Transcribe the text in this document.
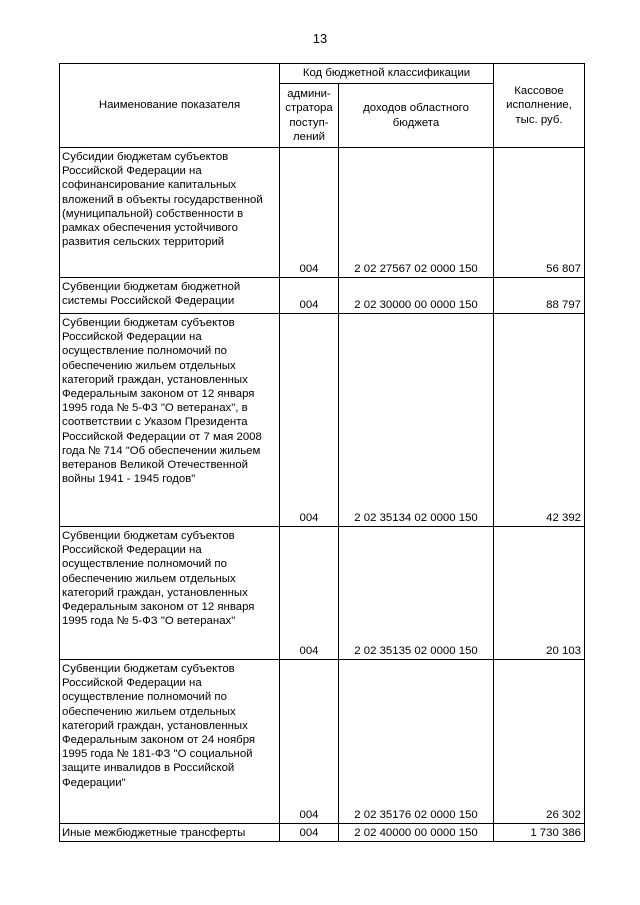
13
Наименование показателя	Код бюджетной классификации		Кассовое исполнение, тыс. руб.
	админи-стратора поступ-лений	доходов областного бюджета	
Субсидии бюджетам субъектов Российской Федерации на софинансирование капитальных вложений в объекты государственной (муниципальной) собственности в рамках обеспечения устойчивого развития сельских территорий	004	2 02 27567 02 0000 150	56 807
Субвенции бюджетам бюджетной системы Российской Федерации	004	2 02 30000 00 0000 150	88 797
Субвенции бюджетам субъектов Российской Федерации на осуществление полномочий по обеспечению жильем отдельных категорий граждан, установленных Федеральным законом от 12 января 1995 года № 5-ФЗ "О ветеранах", в соответствии с Указом Президента Российской Федерации от 7 мая 2008 года № 714 "Об обеспечении жильем ветеранов Великой Отечественной войны 1941 - 1945 годов"	004	2 02 35134 02 0000 150	42 392
Субвенции бюджетам субъектов Российской Федерации на осуществление полномочий по обеспечению жильем отдельных категорий граждан, установленных Федеральным законом от 12 января 1995 года № 5-ФЗ "О ветеранах"	004	2 02 35135 02 0000 150	20 103
Субвенции бюджетам субъектов Российской Федерации на осуществление полномочий по обеспечению жильем отдельных категорий граждан, установленных Федеральным законом от 24 ноября 1995 года № 181-ФЗ "О социальной защите инвалидов в Российской Федерации"	004	2 02 35176 02 0000 150	26 302
Иные межбюджетные трансферты	004	2 02 40000 00 0000 150	1 730 386
